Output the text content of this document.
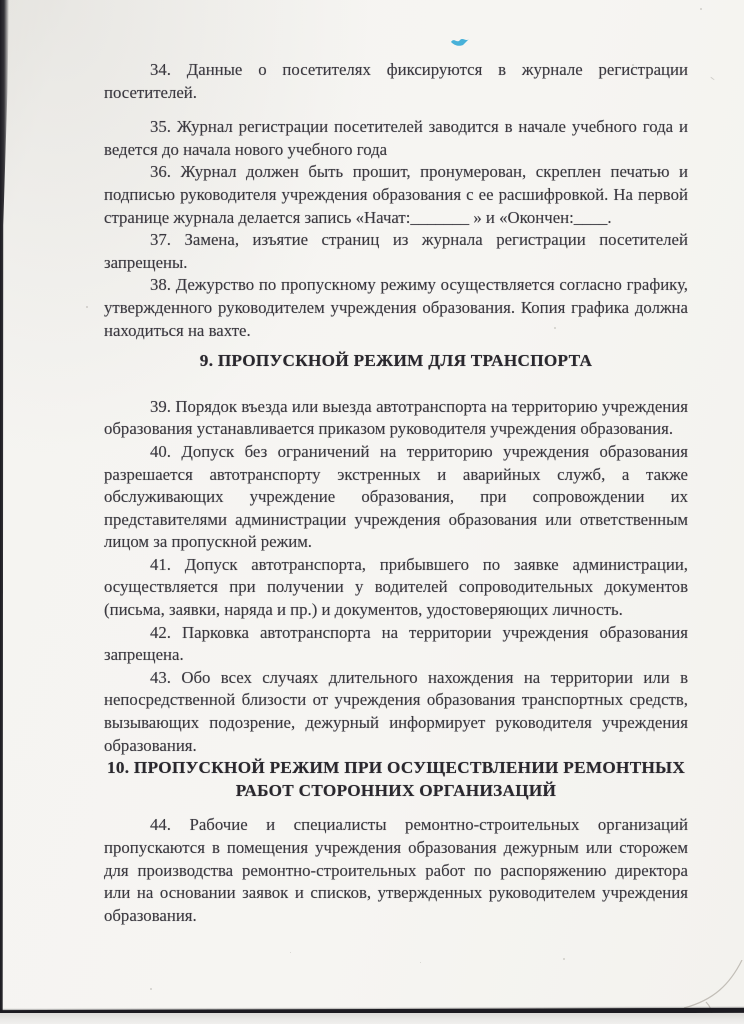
34. Данные о посетителях фиксируются в журнале регистрации посетителей.

35. Журнал регистрации посетителей заводится в начале учебного года и ведется до начала нового учебного года

36. Журнал должен быть прошит, пронумерован, скреплен печатью и подписью руководителя учреждения образования с ее расшифровкой. На первой странице журнала делается запись «Начат:_______ » и «Окончен:____.

37. Замена, изъятие страниц из журнала регистрации посетителей запрещены.

38. Дежурство по пропускному режиму осуществляется согласно графику, утвержденного руководителем учреждения образования. Копия графика должна находиться на вахте.

9. ПРОПУСКНОЙ РЕЖИМ ДЛЯ ТРАНСПОРТА

39. Порядок въезда или выезда автотранспорта на территорию учреждения образования устанавливается приказом руководителя учреждения образования.

40. Допуск без ограничений на территорию учреждения образования разрешается автотранспорту экстренных и аварийных служб, а также обслуживающих учреждение образования, при сопровождении их представителями администрации учреждения образования или ответственным лицом за пропускной режим.

41. Допуск автотранспорта, прибывшего по заявке администрации, осуществляется при получении у водителей сопроводительных документов (письма, заявки, наряда и пр.) и документов, удостоверяющих личность.

42. Парковка автотранспорта на территории учреждения образования запрещена.

43. Обо всех случаях длительного нахождения на территории или в непосредственной близости от учреждения образования транспортных средств, вызывающих подозрение, дежурный информирует руководителя учреждения образования.

10. ПРОПУСКНОЙ РЕЖИМ ПРИ ОСУЩЕСТВЛЕНИИ РЕМОНТНЫХ РАБОТ СТОРОННИХ ОРГАНИЗАЦИЙ

44. Рабочие и специалисты ремонтно-строительных организаций пропускаются в помещения учреждения образования дежурным или сторожем для производства ремонтно-строительных работ по распоряжению директора или на основании заявок и списков, утвержденных руководителем учреждения образования.
